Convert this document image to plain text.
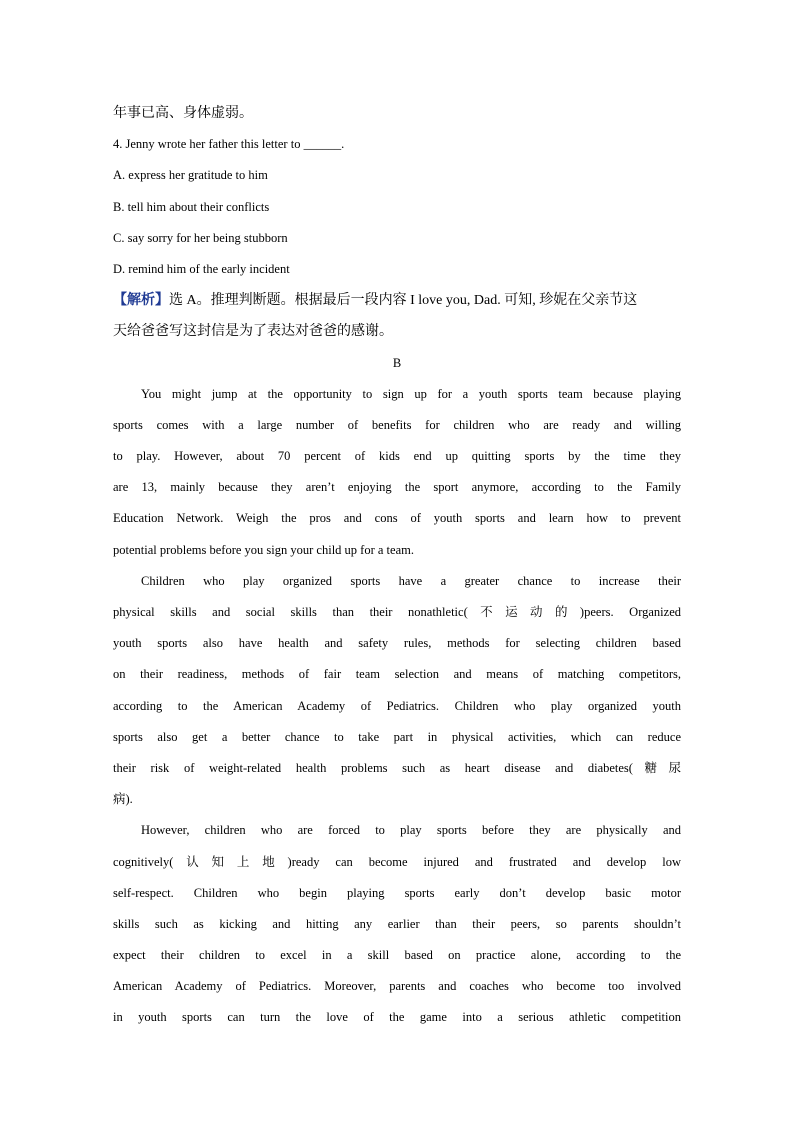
年事已高、身体虚弱。
4. Jenny wrote her father this letter to ______.
A. express her gratitude to him
B. tell him about their conflicts
C. say sorry for her being stubborn
D. remind him of the early incident
【解析】选 A。推理判断题。根据最后一段内容 I love you, Dad. 可知, 珍妮在父亲节这
天给爸爸写这封信是为了表达对爸爸的感谢。
B
You might jump at the opportunity to sign up for a youth sports team because playing
sports comes with a large number of benefits for children who are ready and willing
to play. However, about 70 percent of kids end up quitting sports by the time they
are 13, mainly because they aren’t enjoying the sport anymore, according to the Family
Education Network. Weigh the pros and cons of youth sports and learn how to prevent
potential problems before you sign your child up for a team.
Children who play organized sports have a greater chance to increase their
physical skills and social skills than their nonathletic(不运动的)peers. Organized
youth sports also have health and safety rules, methods for selecting children based
on their readiness, methods of fair team selection and means of matching competitors,
according to the American Academy of Pediatrics. Children who play organized youth
sports also get a better chance to take part in physical activities, which can reduce
their risk of weight-related health problems such as heart disease and diabetes(糖尿
病).
However, children who are forced to play sports before they are physically and
cognitively(认知上地)ready can become injured and frustrated and develop low
self-respect. Children who begin playing sports early don’t develop basic motor
skills such as kicking and hitting any earlier than their peers, so parents shouldn’t
expect their children to excel in a skill based on practice alone, according to the
American Academy of Pediatrics. Moreover, parents and coaches who become too involved
in youth sports can turn the love of the game into a serious athletic competition
